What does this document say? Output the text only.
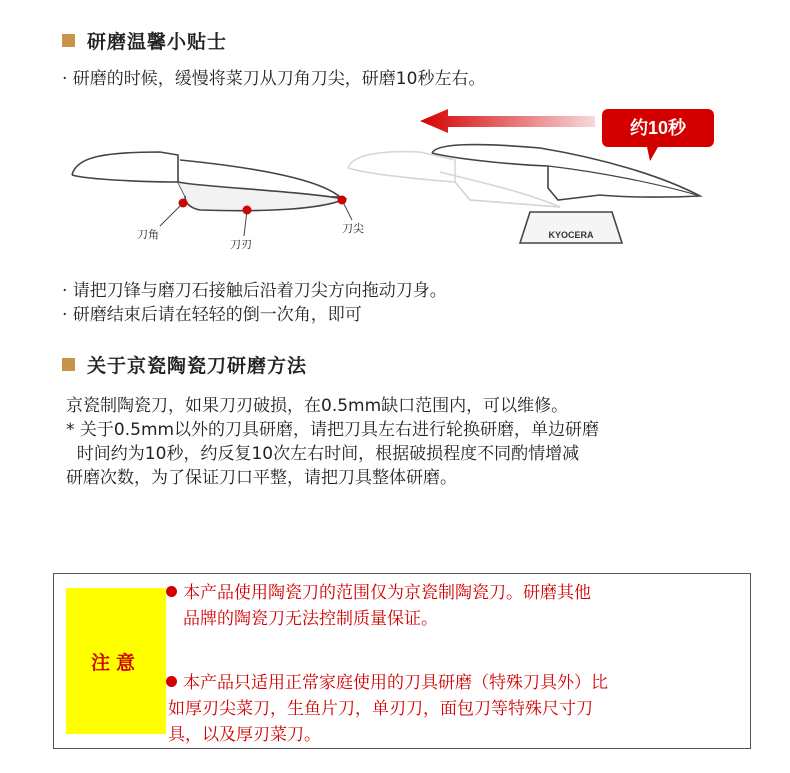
研磨温馨小贴士
· 研磨的时候，缓慢将菜刀从刀角刀尖，研磨10秒左右。
约10秒
刀角
刀刃
刀尖	KYOCERA
· 请把刀锋与磨刀石接触后沿着刀尖方向拖动刀身。
· 研磨结束后请在轻轻的倒一次角，即可
关于京瓷陶瓷刀研磨方法
京瓷制陶瓷刀，如果刀刃破损，在0.5mm缺口范围内，可以维修。
* 关于0.5mm以外的刀具研磨，请把刀具左右进行轮换研磨，单边研磨
时间约为10秒，约反复10次左右时间，根据破损程度不同酌情增减
研磨次数，为了保证刀口平整，请把刀具整体研磨。
注意
本产品使用陶瓷刀的范围仅为京瓷制陶瓷刀。研磨其他
品牌的陶瓷刀无法控制质量保证。
本产品只适用正常家庭使用的刀具研磨（特殊刀具外）比
如厚刃尖菜刀，生鱼片刀，单刃刀，面包刀等特殊尺寸刀
具，以及厚刃菜刀。
